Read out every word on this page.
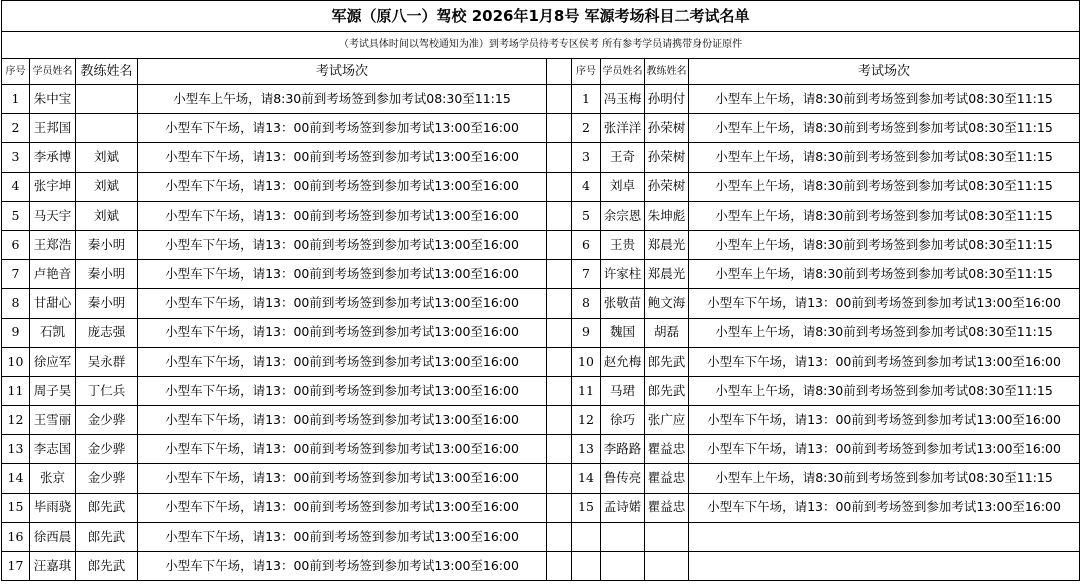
军源（原八一）驾校 2026年1月8号 军源考场科目二考试名单								
（考试具体时间以驾校通知为准）到考场学员待考专区侯考 所有参考学员请携带身份证原件								
序号	学员姓名	教练姓名	考试场次		序号	学员姓名	教练姓名	考试场次
1	朱中宝		小型车上午场，请8:30前到考场签到参加考试08:30至11:15		1	冯玉梅	孙明付	小型车上午场，请8:30前到考场签到参加考试08:30至11:15
2	王邦国		小型车下午场，请13：00前到考场签到参加考试13:00至16:00		2	张洋洋	孙荣树	小型车上午场，请8:30前到考场签到参加考试08:30至11:15
3	李承博	刘斌	小型车下午场，请13：00前到考场签到参加考试13:00至16:00		3	王奇	孙荣树	小型车上午场，请8:30前到考场签到参加考试08:30至11:15
4	张宇坤	刘斌	小型车下午场，请13：00前到考场签到参加考试13:00至16:00		4	刘卓	孙荣树	小型车上午场，请8:30前到考场签到参加考试08:30至11:15
5	马天宇	刘斌	小型车下午场，请13：00前到考场签到参加考试13:00至16:00		5	余宗恩	朱坤彪	小型车上午场，请8:30前到考场签到参加考试08:30至11:15
6	王郑浩	秦小明	小型车下午场，请13：00前到考场签到参加考试13:00至16:00		6	王贵	郑晨光	小型车上午场，请8:30前到考场签到参加考试08:30至11:15
7	卢艳音	秦小明	小型车下午场，请13：00前到考场签到参加考试13:00至16:00		7	许家柱	郑晨光	小型车上午场，请8:30前到考场签到参加考试08:30至11:15
8	甘甜心	秦小明	小型车下午场，请13：00前到考场签到参加考试13:00至16:00		8	张敬苗	鲍文海	小型车下午场，请13：00前到考场签到参加考试13:00至16:00
9	石凯	庞志强	小型车下午场，请13：00前到考场签到参加考试13:00至16:00		9	魏国	胡磊	小型车上午场，请8:30前到考场签到参加考试08:30至11:15
10	徐应军	吴永群	小型车下午场，请13：00前到考场签到参加考试13:00至16:00		10	赵允梅	郎先武	小型车下午场，请13：00前到考场签到参加考试13:00至16:00
11	周子昊	丁仁兵	小型车下午场，请13：00前到考场签到参加考试13:00至16:00		11	马珺	郎先武	小型车上午场，请8:30前到考场签到参加考试08:30至11:15
12	王雪丽	金少骅	小型车下午场，请13：00前到考场签到参加考试13:00至16:00		12	徐巧	张广应	小型车下午场，请13：00前到考场签到参加考试13:00至16:00
13	李志国	金少骅	小型车下午场，请13：00前到考场签到参加考试13:00至16:00		13	李路路	瞿益忠	小型车下午场，请13：00前到考场签到参加考试13:00至16:00
14	张京	金少骅	小型车下午场，请13：00前到考场签到参加考试13:00至16:00		14	鲁传亮	瞿益忠	小型车上午场，请8:30前到考场签到参加考试08:30至11:15
15	毕雨骁	郎先武	小型车下午场，请13：00前到考场签到参加考试13:00至16:00		15	孟诗婼	瞿益忠	小型车下午场，请13：00前到考场签到参加考试13:00至16:00
16	徐西晨	郎先武	小型车下午场，请13：00前到考场签到参加考试13:00至16:00					
17	汪嘉琪	郎先武	小型车下午场，请13：00前到考场签到参加考试13:00至16:00					
